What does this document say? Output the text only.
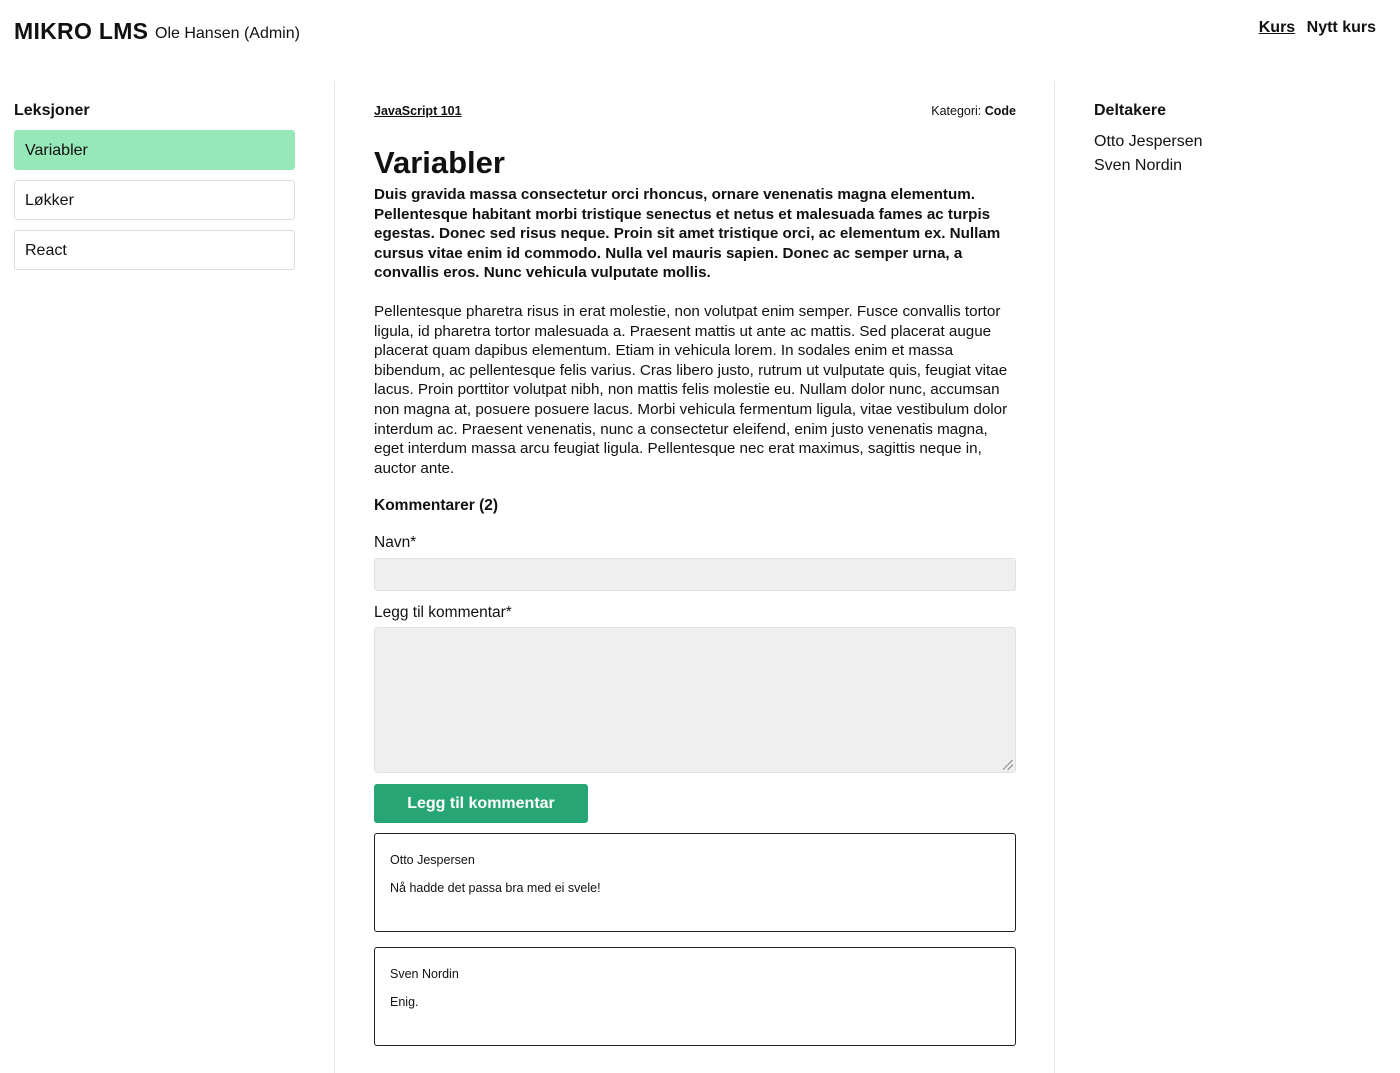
MIKRO LMS Ole Hansen (Admin)	Kurs Nytt kurs
Leksjoner
Variabler
Løkker
React
JavaScript 101	Kategori: Code
Variabler

Duis gravida massa consectetur orci rhoncus, ornare venenatis magna elementum. Pellentesque habitant morbi tristique senectus et netus et malesuada fames ac turpis egestas. Donec sed risus neque. Proin sit amet tristique orci, ac elementum ex. Nullam cursus vitae enim id commodo. Nulla vel mauris sapien. Donec ac semper urna, a convallis eros. Nunc vehicula vulputate mollis.

Pellentesque pharetra risus in erat molestie, non volutpat enim semper. Fusce convallis tortor ligula, id pharetra tortor malesuada a. Praesent mattis ut ante ac mattis. Sed placerat augue placerat quam dapibus elementum. Etiam in vehicula lorem. In sodales enim et massa bibendum, ac pellentesque felis varius. Cras libero justo, rutrum ut vulputate quis, feugiat vitae lacus. Proin porttitor volutpat nibh, non mattis felis molestie eu. Nullam dolor nunc, accumsan non magna at, posuere posuere lacus. Morbi vehicula fermentum ligula, vitae vestibulum dolor interdum ac. Praesent venenatis, nunc a consectetur eleifend, enim justo venenatis magna, eget interdum massa arcu feugiat ligula. Pellentesque nec erat maximus, sagittis neque in, auctor ante.

Kommentarer (2)
Navn*
Legg til kommentar*
Legg til kommentar
Otto Jespersen
Nå hadde det passa bra med ei svele!
Sven Nordin
Enig.
Deltakere
Otto Jespersen
Sven Nordin
